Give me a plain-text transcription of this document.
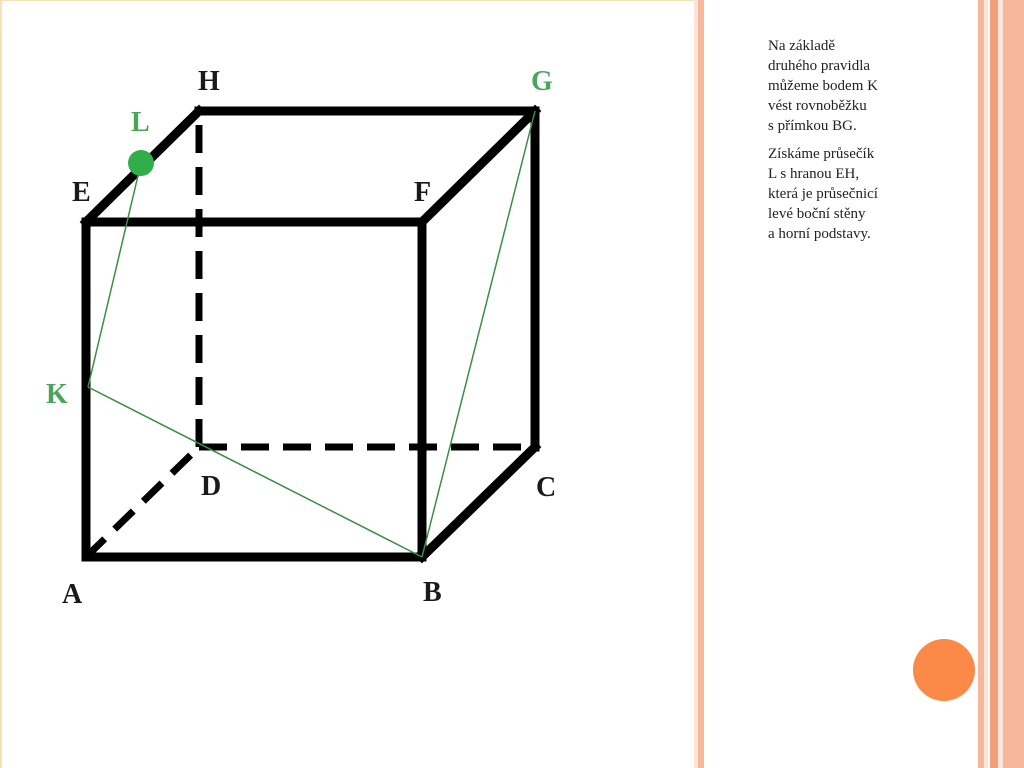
H	G
L
E	F
K
D	C
A	B

Na základě
druhého pravidla
můžeme bodem K
vést rovnoběžku
s přímkou BG.

Získáme průsečík
L s hranou EH,
která je průsečnicí
levé boční stěny
a horní podstavy.
